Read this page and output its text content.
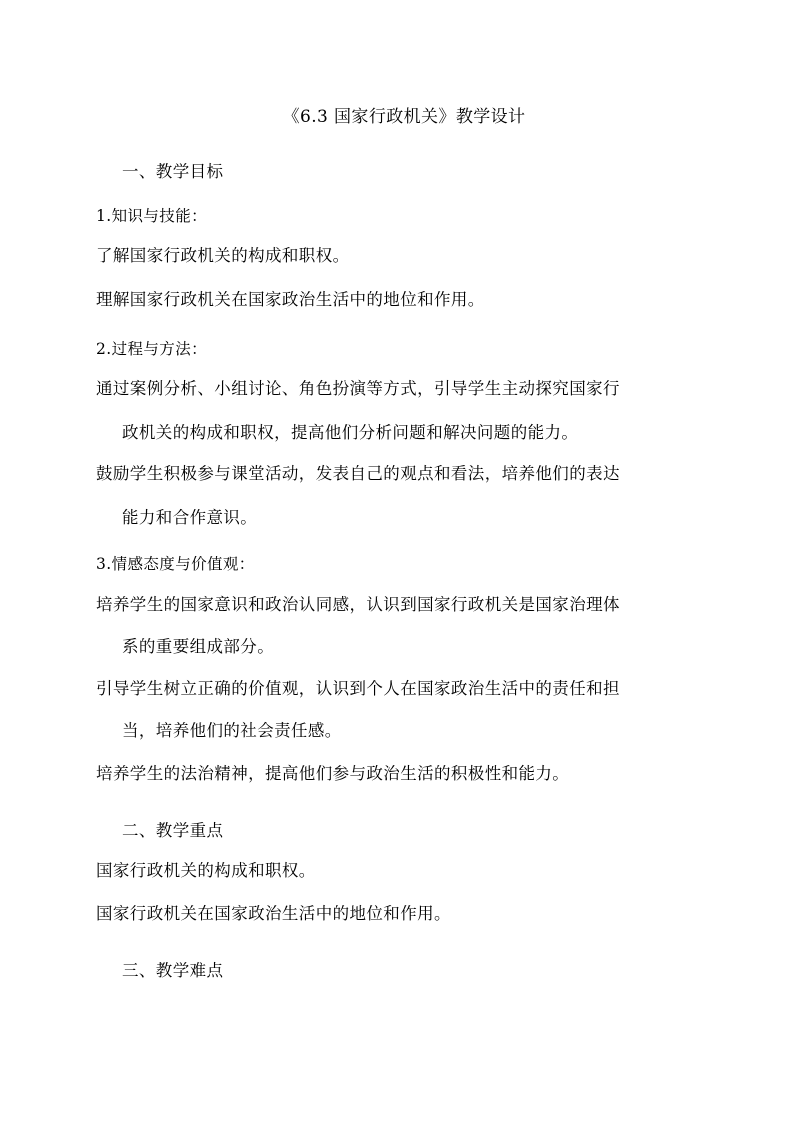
《6.3 国家行政机关》教学设计
一、教学目标
1.知识与技能：
了解国家行政机关的构成和职权。
理解国家行政机关在国家政治生活中的地位和作用。
2.过程与方法：
通过案例分析、小组讨论、角色扮演等方式，引导学生主动探究国家行
政机关的构成和职权，提高他们分析问题和解决问题的能力。
鼓励学生积极参与课堂活动，发表自己的观点和看法，培养他们的表达
能力和合作意识。
3.情感态度与价值观：
培养学生的国家意识和政治认同感，认识到国家行政机关是国家治理体
系的重要组成部分。
引导学生树立正确的价值观，认识到个人在国家政治生活中的责任和担
当，培养他们的社会责任感。
培养学生的法治精神，提高他们参与政治生活的积极性和能力。
二、教学重点
国家行政机关的构成和职权。
国家行政机关在国家政治生活中的地位和作用。
三、教学难点
